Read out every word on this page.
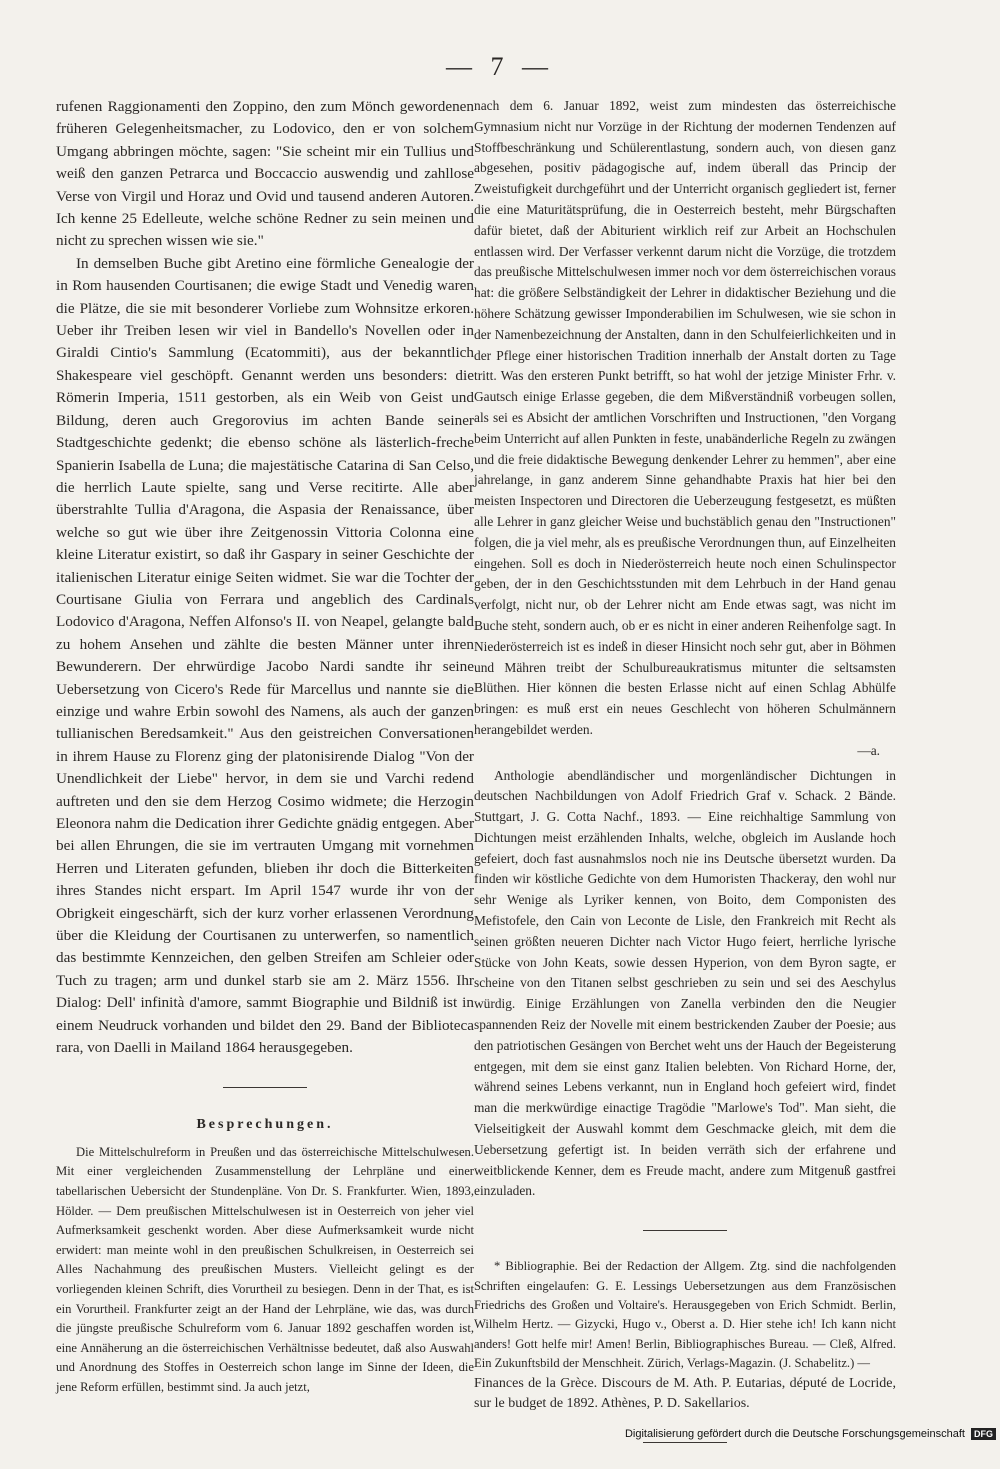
— 7 —

rufenen Raggionamenti den Zoppino, den zum Mönch gewordenen früheren Gelegenheitsmacher, zu Lodovico, den er von solchem Umgang abbringen möchte, sagen: "Sie scheint mir ein Tullius und weiß den ganzen Petrarca und Boccaccio auswendig und zahllose Verse von Virgil und Horaz und Ovid und tausend anderen Autoren. Ich kenne 25 Edelleute, welche schöne Redner zu sein meinen und nicht zu sprechen wissen wie sie."

In demselben Buche gibt Aretino eine förmliche Genealogie der in Rom hausenden Courtisanen; die ewige Stadt und Venedig waren die Plätze, die sie mit besonderer Vorliebe zum Wohnsitze erkoren. Ueber ihr Treiben lesen wir viel in Bandello's Novellen oder in Giraldi Cintio's Sammlung (Ecatommiti), aus der bekanntlich Shakespeare viel geschöpft. Genannt werden uns besonders: die Römerin Imperia, 1511 gestorben, als ein Weib von Geist und Bildung, deren auch Gregorovius im achten Bande seiner Stadtgeschichte gedenkt; die ebenso schöne als lästerlich-freche Spanierin Isabella de Luna; die majestätische Catarina di San Celso, die herrlich Laute spielte, sang und Verse recitirte. Alle aber überstrahlte Tullia d'Aragona, die Aspasia der Renaissance, über welche so gut wie über ihre Zeitgenossin Vittoria Colonna eine kleine Literatur existirt, so daß ihr Gaspary in seiner Geschichte der italienischen Literatur einige Seiten widmet. Sie war die Tochter der Courtisane Giulia von Ferrara und angeblich des Cardinals Lodovico d'Aragona, Neffen Alfonso's II. von Neapel, gelangte bald zu hohem Ansehen und zählte die besten Männer unter ihren Bewunderern. Der ehrwürdige Jacobo Nardi sandte ihr seine Uebersetzung von Cicero's Rede für Marcellus und nannte sie die einzige und wahre Erbin sowohl des Namens, als auch der ganzen tullianischen Beredsamkeit." Aus den geistreichen Conversationen in ihrem Hause zu Florenz ging der platonisirende Dialog "Von der Unendlichkeit der Liebe" hervor, in dem sie und Varchi redend auftreten und den sie dem Herzog Cosimo widmete; die Herzogin Eleonora nahm die Dedication ihrer Gedichte gnädig entgegen. Aber bei allen Ehrungen, die sie im vertrauten Umgang mit vornehmen Herren und Literaten gefunden, blieben ihr doch die Bitterkeiten ihres Standes nicht erspart. Im April 1547 wurde ihr von der Obrigkeit eingeschärft, sich der kurz vorher erlassenen Verordnung über die Kleidung der Courtisanen zu unterwerfen, so namentlich das bestimmte Kennzeichen, den gelben Streifen am Schleier oder Tuch zu tragen; arm und dunkel starb sie am 2. März 1556. Ihr Dialog: Dell' infinità d'amore, sammt Biographie und Bildniß ist in einem Neudruck vorhanden und bildet den 29. Band der Biblioteca rara, von Daelli in Mailand 1864 herausgegeben.

Besprechungen.

Die Mittelschulreform in Preußen und das österreichische Mittelschulwesen. Mit einer vergleichenden Zusammenstellung der Lehrpläne und einer tabellarischen Uebersicht der Stundenpläne. Von Dr. S. Frankfurter. Wien, 1893, Hölder. — Dem preußischen Mittelschulwesen ist in Oesterreich von jeher viel Aufmerksamkeit geschenkt worden. Aber diese Aufmerksamkeit wurde nicht erwidert: man meinte wohl in den preußischen Schulkreisen, in Oesterreich sei Alles Nachahmung des preußischen Musters. Vielleicht gelingt es der vorliegenden kleinen Schrift, dies Vorurtheil zu besiegen. Denn in der That, es ist ein Vorurtheil. Frankfurter zeigt an der Hand der Lehrpläne, wie das, was durch die jüngste preußische Schulreform vom 6. Januar 1892 geschaffen worden ist, eine Annäherung an die österreichischen Verhältnisse bedeutet, daß also Auswahl und Anordnung des Stoffes in Oesterreich schon lange im Sinne der Ideen, die jene Reform erfüllen, bestimmt sind. Ja auch jetzt,

nach dem 6. Januar 1892, weist zum mindesten das österreichische Gymnasium nicht nur Vorzüge in der Richtung der modernen Tendenzen auf Stoffbeschränkung und Schülerentlastung, sondern auch, von diesen ganz abgesehen, positiv pädagogische auf, indem überall das Princip der Zweistufigkeit durchgeführt und der Unterricht organisch gegliedert ist, ferner die eine Maturitätsprüfung, die in Oesterreich besteht, mehr Bürgschaften dafür bietet, daß der Abiturient wirklich reif zur Arbeit an Hochschulen entlassen wird. Der Verfasser verkennt darum nicht die Vorzüge, die trotzdem das preußische Mittelschulwesen immer noch vor dem österreichischen voraus hat: die größere Selbständigkeit der Lehrer in didaktischer Beziehung und die höhere Schätzung gewisser Imponderabilien im Schulwesen, wie sie schon in der Namenbezeichnung der Anstalten, dann in den Schulfeierlichkeiten und in der Pflege einer historischen Tradition innerhalb der Anstalt dorten zu Tage tritt. Was den ersteren Punkt betrifft, so hat wohl der jetzige Minister Frhr. v. Gautsch einige Erlasse gegeben, die dem Mißverständniß vorbeugen sollen, als sei es Absicht der amtlichen Vorschriften und Instructionen, "den Vorgang beim Unterricht auf allen Punkten in feste, unabänderliche Regeln zu zwängen und die freie didaktische Bewegung denkender Lehrer zu hemmen", aber eine jahrelange, in ganz anderem Sinne gehandhabte Praxis hat hier bei den meisten Inspectoren und Directoren die Ueberzeugung festgesetzt, es müßten alle Lehrer in ganz gleicher Weise und buchstäblich genau den "Instructionen" folgen, die ja viel mehr, als es preußische Verordnungen thun, auf Einzelheiten eingehen. Soll es doch in Niederösterreich heute noch einen Schulinspector geben, der in den Geschichtsstunden mit dem Lehrbuch in der Hand genau verfolgt, nicht nur, ob der Lehrer nicht am Ende etwas sagt, was nicht im Buche steht, sondern auch, ob er es nicht in einer anderen Reihenfolge sagt. In Niederösterreich ist es indeß in dieser Hinsicht noch sehr gut, aber in Böhmen und Mähren treibt der Schulbureaukratismus mitunter die seltsamsten Blüthen. Hier können die besten Erlasse nicht auf einen Schlag Abhülfe bringen: es muß erst ein neues Geschlecht von höheren Schulmännern herangebildet werden.

—a.

Anthologie abendländischer und morgenländischer Dichtungen in deutschen Nachbildungen von Adolf Friedrich Graf v. Schack. 2 Bände. Stuttgart, J. G. Cotta Nachf., 1893. — Eine reichhaltige Sammlung von Dichtungen meist erzählenden Inhalts, welche, obgleich im Auslande hoch gefeiert, doch fast ausnahmslos noch nie ins Deutsche übersetzt wurden. Da finden wir köstliche Gedichte von dem Humoristen Thackeray, den wohl nur sehr Wenige als Lyriker kennen, von Boito, dem Componisten des Mefistofele, den Cain von Leconte de Lisle, den Frankreich mit Recht als seinen größten neueren Dichter nach Victor Hugo feiert, herrliche lyrische Stücke von John Keats, sowie dessen Hyperion, von dem Byron sagte, er scheine von den Titanen selbst geschrieben zu sein und sei des Aeschylus würdig. Einige Erzählungen von Zanella verbinden den die Neugier spannenden Reiz der Novelle mit einem bestrickenden Zauber der Poesie; aus den patriotischen Gesängen von Berchet weht uns der Hauch der Begeisterung entgegen, mit dem sie einst ganz Italien belebten. Von Richard Horne, der, während seines Lebens verkannt, nun in England hoch gefeiert wird, findet man die merkwürdige einactige Tragödie "Marlowe's Tod". Man sieht, die Vielseitigkeit der Auswahl kommt dem Geschmacke gleich, mit dem die Uebersetzung gefertigt ist. In beiden verräth sich der erfahrene und weitblickende Kenner, dem es Freude macht, andere zum Mitgenuß gastfrei einzuladen.

* Bibliographie. Bei der Redaction der Allgem. Ztg. sind die nachfolgenden Schriften eingelaufen: G. E. Lessings Uebersetzungen aus dem Französischen Friedrichs des Großen und Voltaire's. Herausgegeben von Erich Schmidt. Berlin, Wilhelm Hertz. — Gizycki, Hugo v., Oberst a. D. Hier stehe ich! Ich kann nicht anders! Gott helfe mir! Amen! Berlin, Bibliographisches Bureau. — Cleß, Alfred. Ein Zukunftsbild der Menschheit. Zürich, Verlags-Magazin. (J. Schabelitz.) —

Finances de la Grèce. Discours de M. Ath. P. Eutarias, député de Locride, sur le budget de 1892. Athènes, P. D. Sakellarios.

Digitalisierung gefördert durch die Deutsche Forschungsgemeinschaft DFG
